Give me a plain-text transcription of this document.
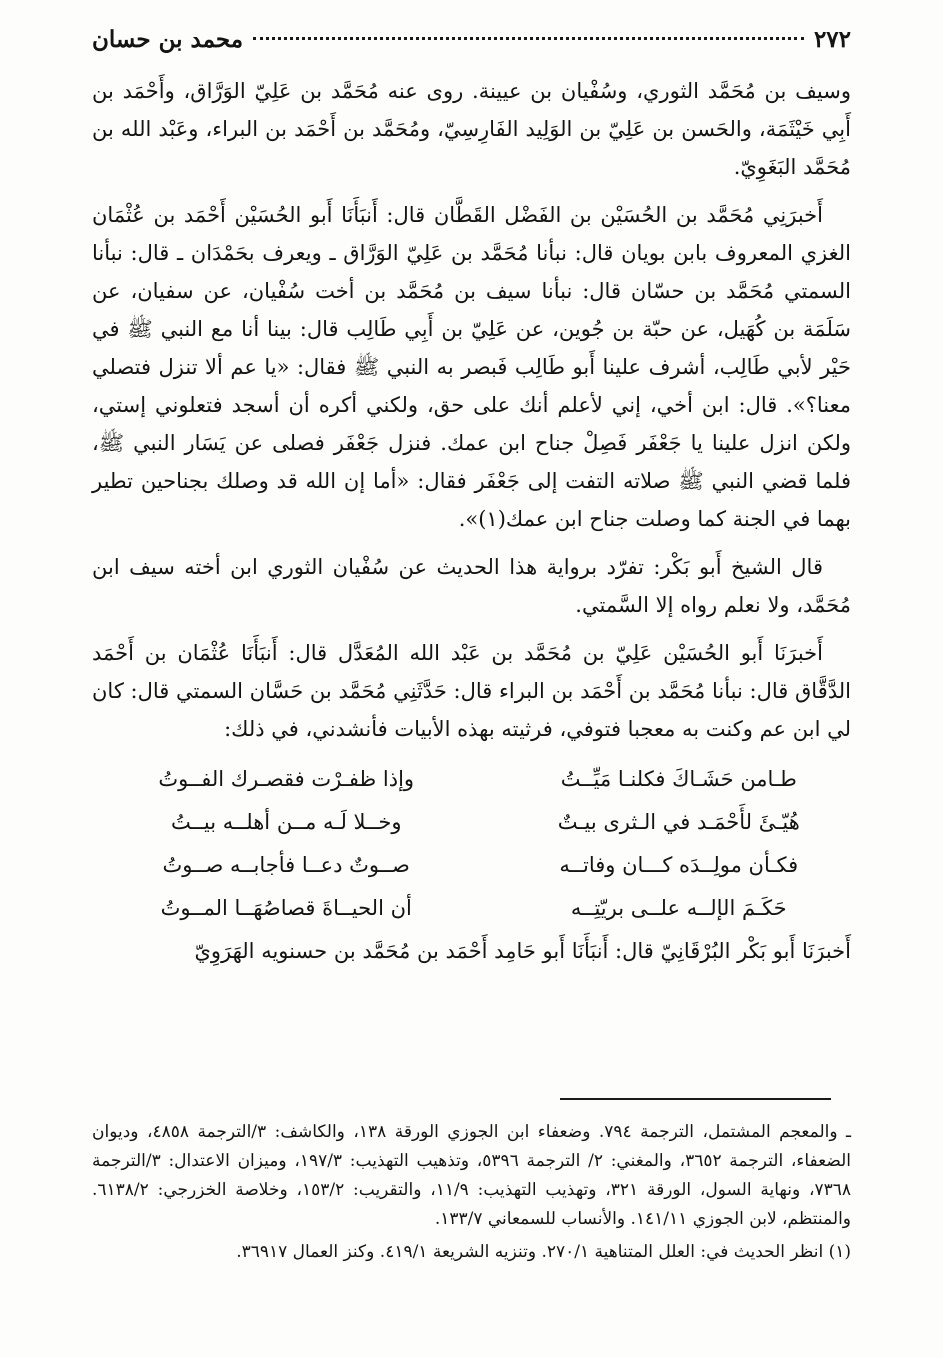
٢٧٢
محمد بن حسان

وسيف بن مُحَمَّد الثوري، وسُفْيان بن عيينة. روى عنه مُحَمَّد بن عَلِيّ الوَرَّاق، وأَحْمَد بن أَبِي خَيْثَمَة، والحَسن بن عَلِيّ بن الوَلِيد الفَارِسِيّ، ومُحَمَّد بن أَحْمَد بن البراء، وعَبْد الله بن مُحَمَّد البَغَوِيّ.

أَخبرَنِي مُحَمَّد بن الحُسَيْن بن الفَضْل القَطَّان قال: أَنبَأَنَا أَبو الحُسَيْن أَحْمَد بن عُثْمَان الغزي المعروف بابن بويان قال: نبأنا مُحَمَّد بن عَلِيّ الوَرَّاق ـ ويعرف بحَمْدَان ـ قال: نبأنا السمتي مُحَمَّد بن حسّان قال: نبأنا سيف بن مُحَمَّد بن أخت سُفْيان، عن سفيان، عن سَلَمَة بن كُهَيل، عن حبّة بن جُوين، عن عَلِيّ بن أَبِي طَالِب قال: بينا أنا مع النبي ﷺ في حَيْر لأبي طَالِب، أشرف علينا أَبو طَالِب فَبصر به النبي ﷺ فقال: «يا عم ألا تنزل فتصلي معنا؟». قال: ابن أخي، إني لأعلم أنك على حق، ولكني أكره أن أسجد فتعلوني إستي، ولكن انزل علينا يا جَعْفَر فَصِلْ جناح ابن عمك. فنزل جَعْفَر فصلى عن يَسَار النبي ﷺ، فلما قضي النبي ﷺ صلاته التفت إلى جَعْفَر فقال: «أما إن الله قد وصلك بجناحين تطير بهما في الجنة كما وصلت جناح ابن عمك(١)».

قال الشيخ أَبو بَكْر: تفرّد برواية هذا الحديث عن سُفْيان الثوري ابن أخته سيف ابن مُحَمَّد، ولا نعلم رواه إلا السَّمتي.

أَخبرَنَا أَبو الحُسَيْن عَلِيّ بن مُحَمَّد بن عَبْد الله المُعَدَّل قال: أَنبَأَنَا عُثْمَان بن أَحْمَد الدَّقَّاق قال: نبأنا مُحَمَّد بن أَحْمَد بن البراء قال: حَدَّثَنِي مُحَمَّد بن حَسَّان السمتي قال: كان لي ابن عم وكنت به معجبا فتوفي، فرثيته بهذه الأبيات فأنشدني، في ذلك:

طـامن حَشَـاكَ فكلنـا مَيِّــتُ
وإذا ظفـرْت فقصـرك الفــوتُ
هُيّـئَ لأَحْمَـد في الـثرى بيـتٌ
وخــلا لَـه مــن أهلــه بيــتُ
فكـأن مولِــدَه كـــان وفاتــه
صــوتٌ دعــا فأجابــه صــوتُ
حَكَـمَ الإلــه علــى بريّتِــه
أن الحيــاةَ قصاصُهَــا المــوتُ

أَخبرَنَا أَبو بَكْر البُرْقَانِيّ قال: أَنبَأَنَا أَبو حَامِد أَحْمَد بن مُحَمَّد بن حسنويه الهَرَوِيّ

ـ والمعجم المشتمل، الترجمة ٧٩٤. وضعفاء ابن الجوزي الورقة ١٣٨، والكاشف: ٣/الترجمة ٤٨٥٨، وديوان الضعفاء، الترجمة ٣٦٥٢، والمغني: ٢/ الترجمة ٥٣٩٦، وتذهيب التهذيب: ١٩٧/٣، وميزان الاعتدال: ٣/الترجمة ٧٣٦٨، ونهاية السول، الورقة ٣٢١، وتهذيب التهذيب: ١١/٩، والتقريب: ١٥٣/٢، وخلاصة الخزرجي: ٦١٣٨/٢. والمنتظم، لابن الجوزي ١٤١/١١. والأنساب للسمعاني ١٣٣/٧.

(١) انظر الحديث في: العلل المتناهية ٢٧٠/١. وتنزيه الشريعة ٤١٩/١. وكنز العمال ٣٦٩١٧.
